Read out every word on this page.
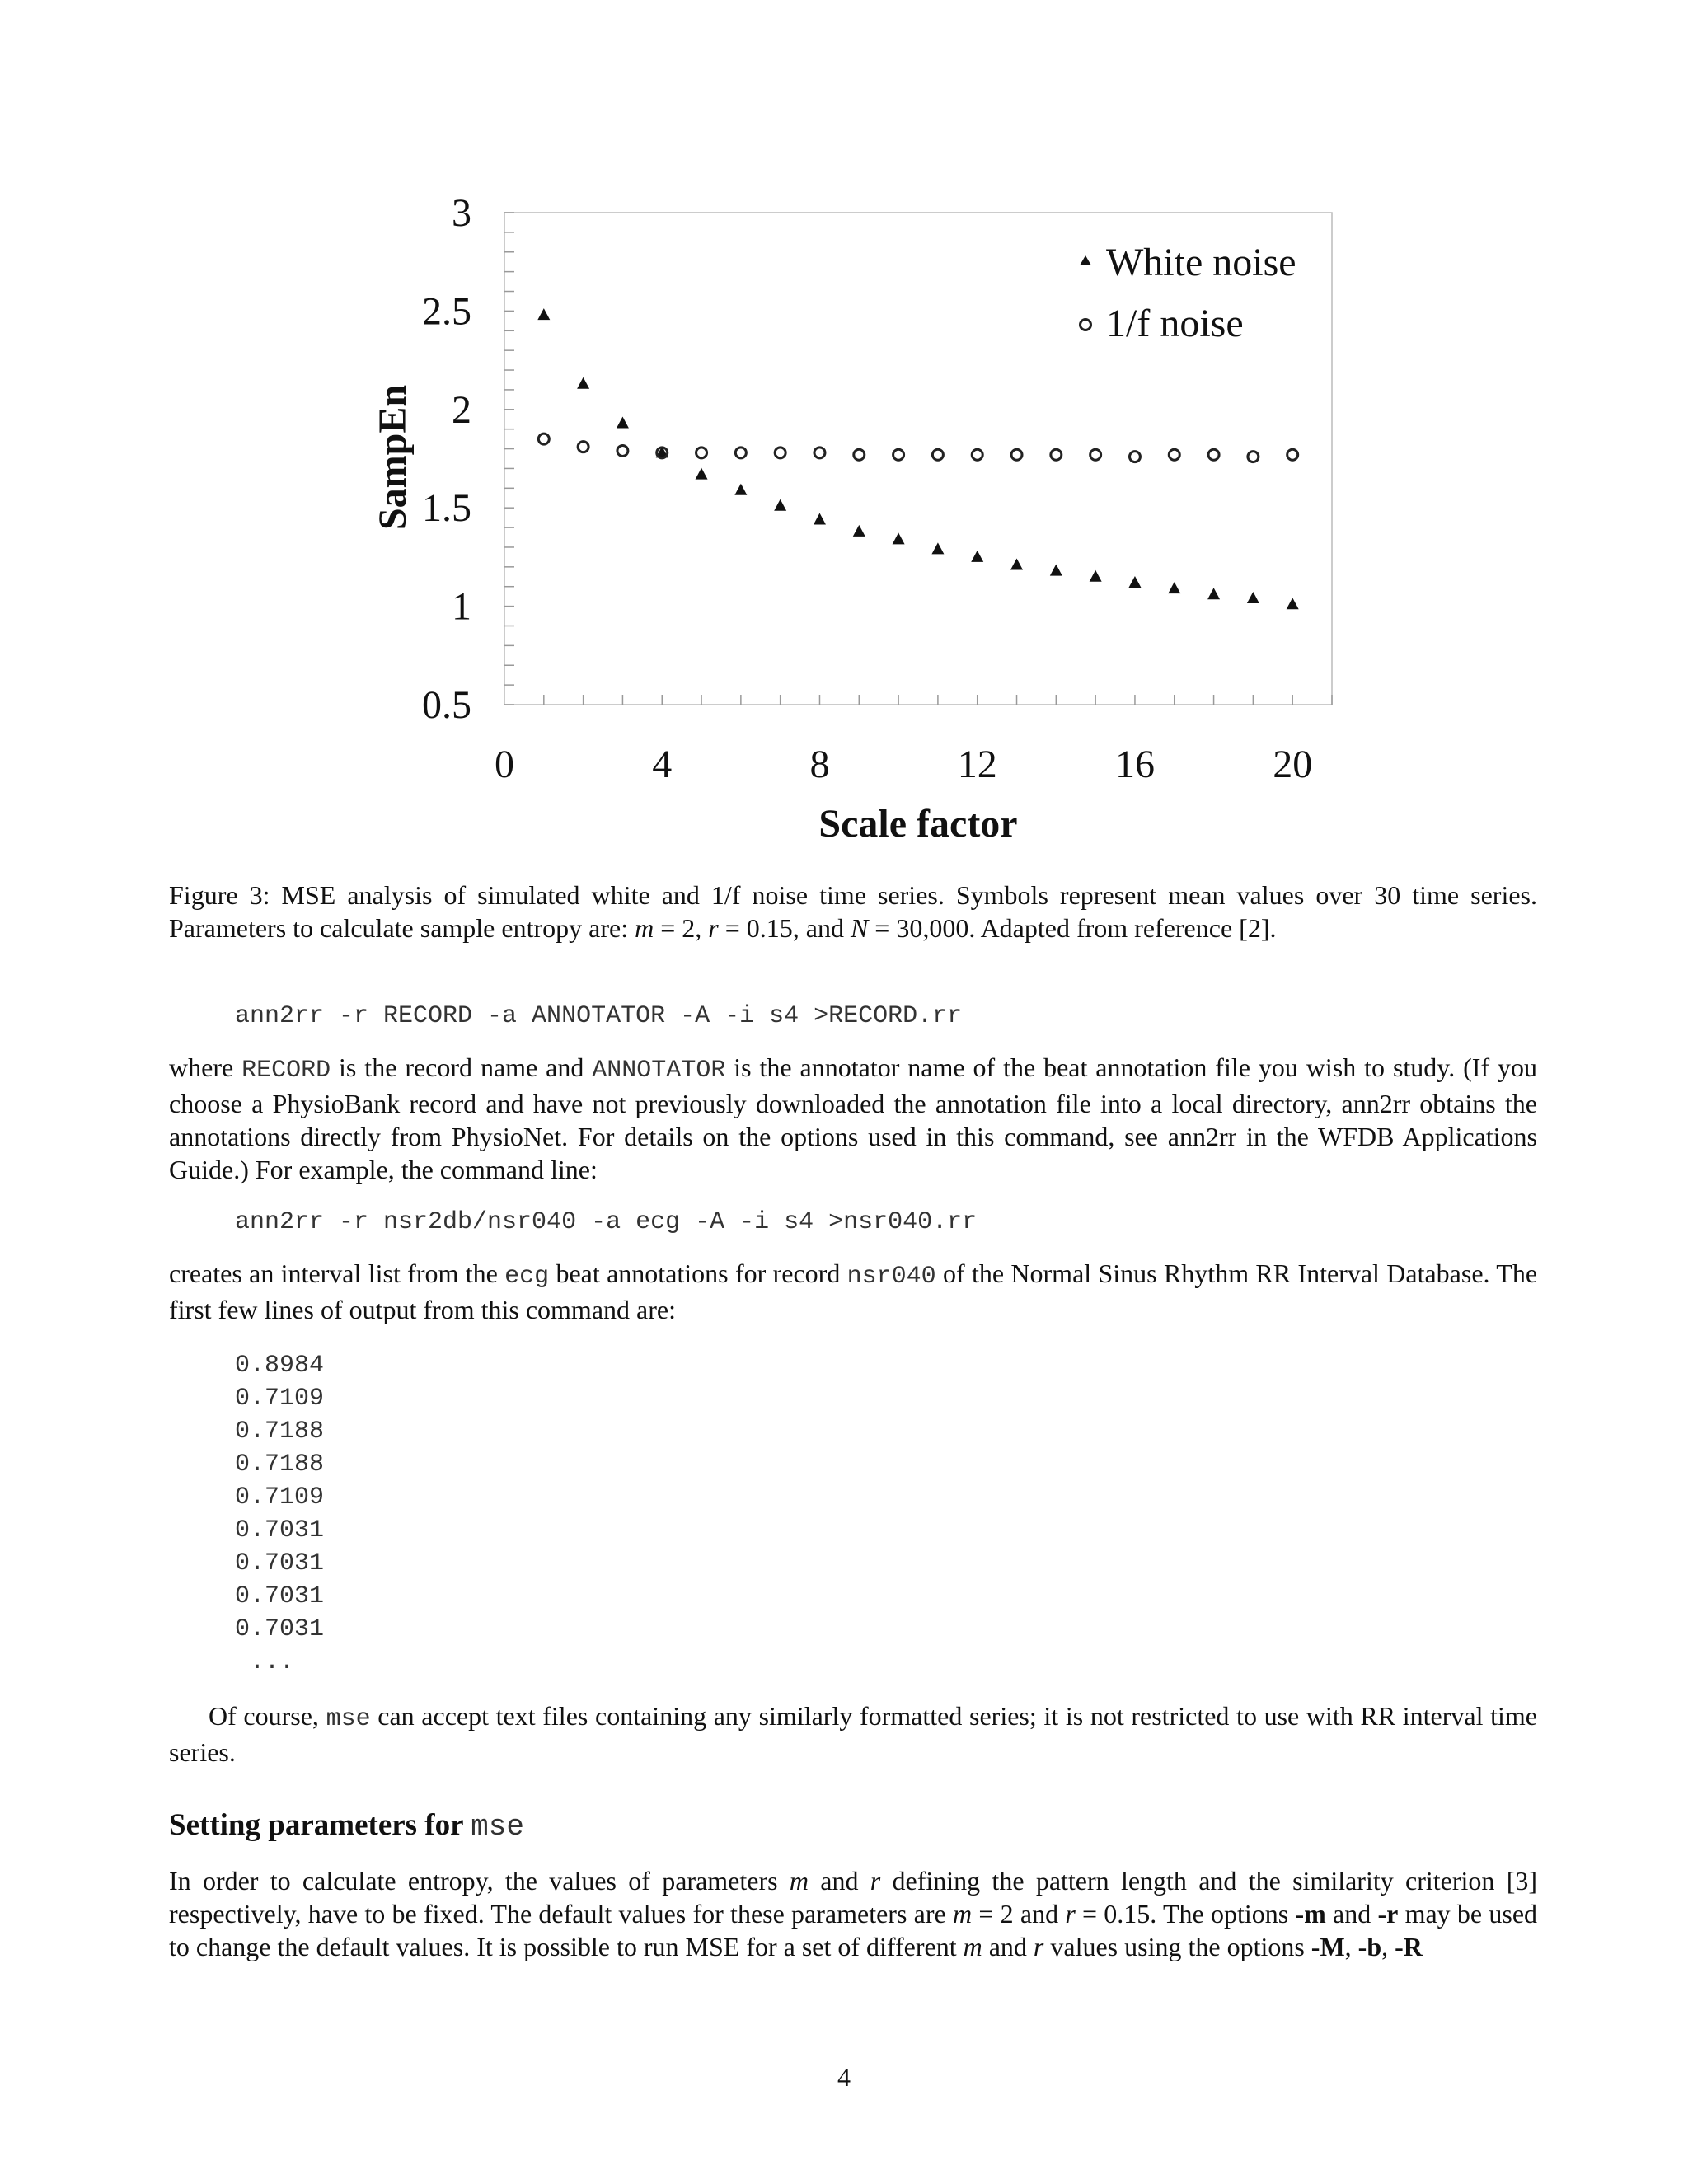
3
2.5
2
1.5
1
0.5
0	4	8	12	16	20
SampEn
Scale factor
White noise
1/f noise
Figure 3: MSE analysis of simulated white and 1/f noise time series. Symbols represent mean values over 30 time series. Parameters to calculate sample entropy are: m = 2, r = 0.15, and N = 30,000. Adapted from reference [2].
ann2rr -r RECORD -a ANNOTATOR -A -i s4 >RECORD.rr
where RECORD is the record name and ANNOTATOR is the annotator name of the beat annotation file you wish to study. (If you choose a PhysioBank record and have not previously downloaded the annotation file into a local directory, ann2rr obtains the annotations directly from PhysioNet. For details on the options used in this command, see ann2rr in the WFDB Applications Guide.) For example, the command line:
ann2rr -r nsr2db/nsr040 -a ecg -A -i s4 >nsr040.rr
creates an interval list from the ecg beat annotations for record nsr040 of the Normal Sinus Rhythm RR Interval Database. The first few lines of output from this command are:
0.8984
0.7109
0.7188
0.7188
0.7109
0.7031
0.7031
0.7031
0.7031
...
Of course, mse can accept text files containing any similarly formatted series; it is not restricted to use with RR interval time series.
Setting parameters for mse
In order to calculate entropy, the values of parameters m and r defining the pattern length and the similarity criterion [3] respectively, have to be fixed. The default values for these parameters are m = 2 and r = 0.15. The options -m and -r may be used to change the default values. It is possible to run MSE for a set of different m and r values using the options -M, -b, -R
4
